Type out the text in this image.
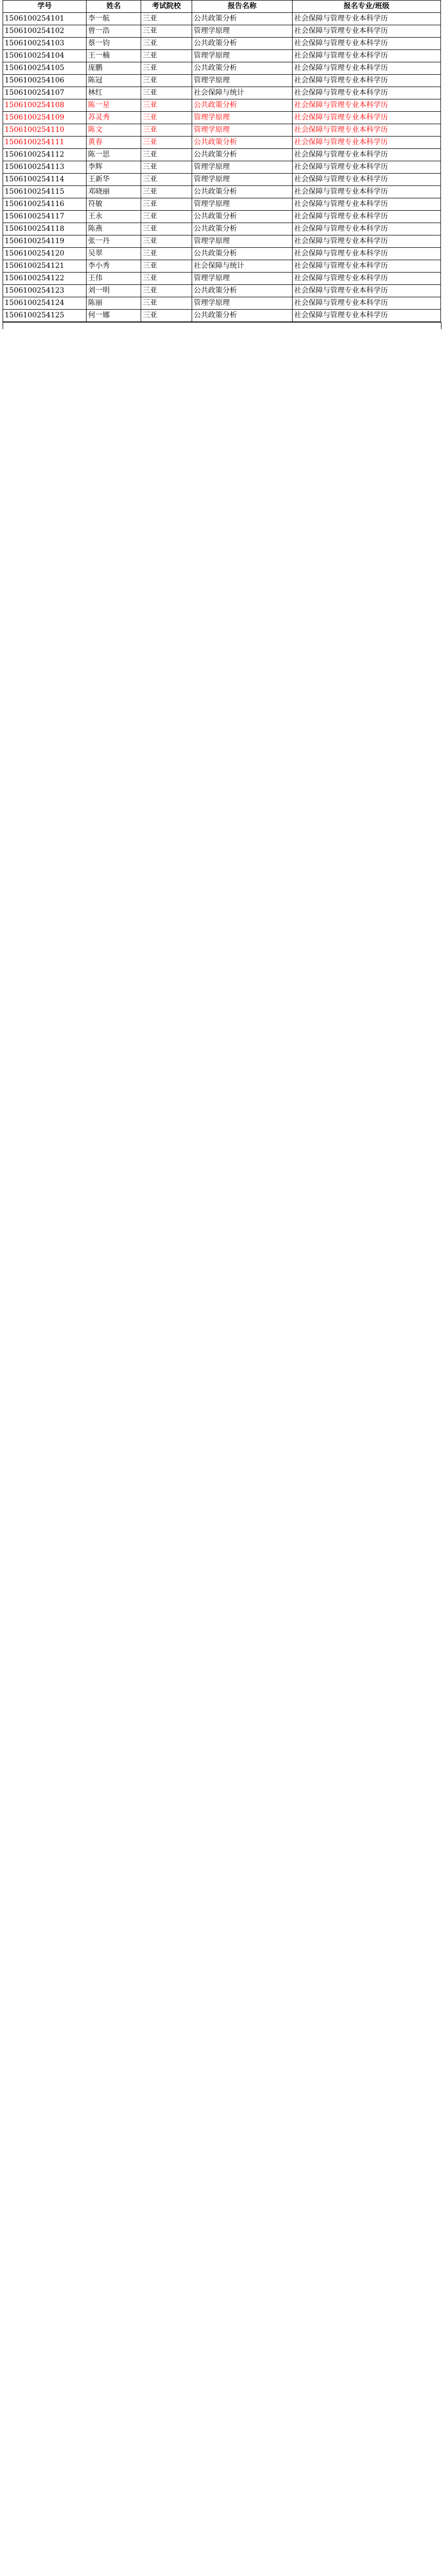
学号	姓名	考试院校	报告名称	报名专业/班级
1506100254101	李一航	三亚	公共政策分析	社会保障与管理专业本科学历
1506100254102	曾一浩	三亚	管理学原理	社会保障与管理专业本科学历
1506100254103	蔡一钧	三亚	公共政策分析	社会保障与管理专业本科学历
1506100254104	王一楠	三亚	管理学原理	社会保障与管理专业本科学历
1506100254105	庞鹏	三亚	公共政策分析	社会保障与管理专业本科学历
1506100254106	陈冠	三亚	管理学原理	社会保障与管理专业本科学历
1506100254107	林红	三亚	社会保障与统计	社会保障与管理专业本科学历
1506100254108	陈一星	三亚	公共政策分析	社会保障与管理专业本科学历
1506100254109	苏灵秀	三亚	管理学原理	社会保障与管理专业本科学历
1506100254110	陈文	三亚	管理学原理	社会保障与管理专业本科学历
1506100254111	黄春	三亚	公共政策分析	社会保障与管理专业本科学历
1506100254112	陈一思	三亚	公共政策分析	社会保障与管理专业本科学历
1506100254113	李辉	三亚	管理学原理	社会保障与管理专业本科学历
1506100254114	王新华	三亚	管理学原理	社会保障与管理专业本科学历
1506100254115	邓晓丽	三亚	公共政策分析	社会保障与管理专业本科学历
1506100254116	符敏	三亚	管理学原理	社会保障与管理专业本科学历
1506100254117	王永	三亚	公共政策分析	社会保障与管理专业本科学历
1506100254118	陈燕	三亚	公共政策分析	社会保障与管理专业本科学历
1506100254119	张一丹	三亚	管理学原理	社会保障与管理专业本科学历
1506100254120	吴翠	三亚	公共政策分析	社会保障与管理专业本科学历
1506100254121	李小秀	三亚	社会保障与统计	社会保障与管理专业本科学历
1506100254122	王伟	三亚	管理学原理	社会保障与管理专业本科学历
1506100254123	刘一明	三亚	公共政策分析	社会保障与管理专业本科学历
1506100254124	陈丽	三亚	管理学原理	社会保障与管理专业本科学历
1506100254125	何一娜	三亚	公共政策分析	社会保障与管理专业本科学历
